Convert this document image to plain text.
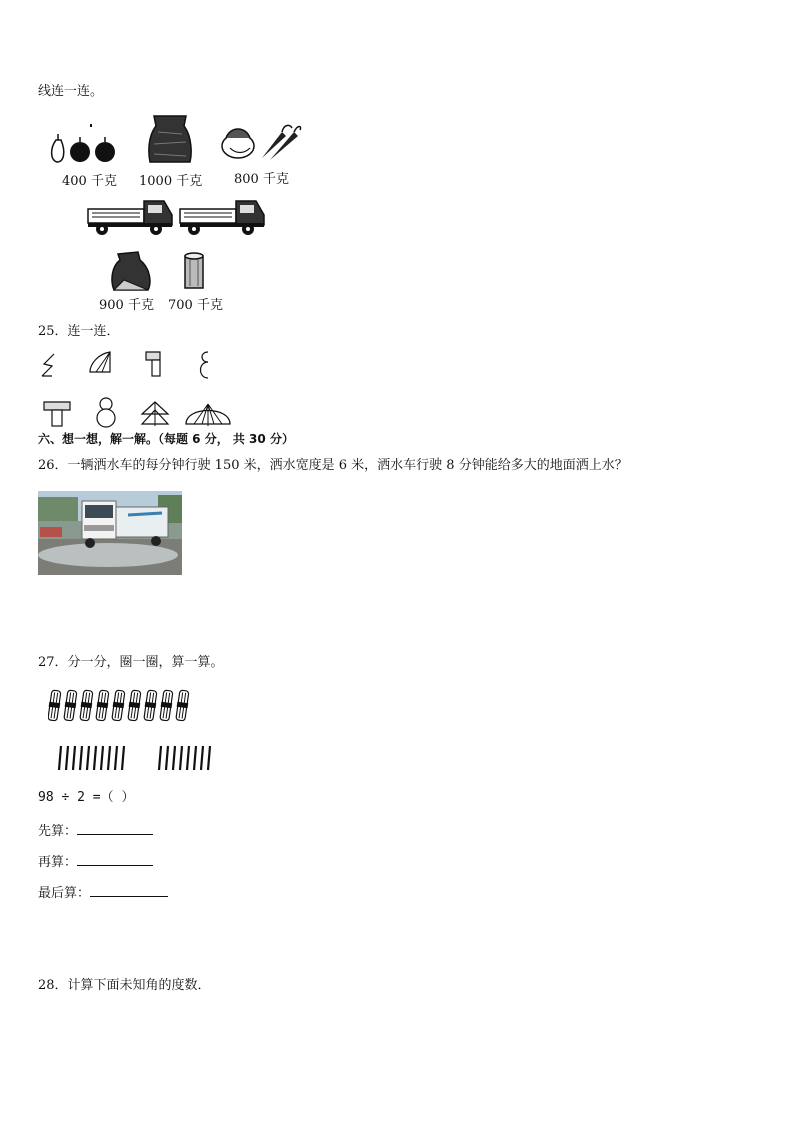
线连一连。
400 千克 1000 千克 800 千克
900 千克 700 千克
25．连一连．
六、想一想，解一解。（每题 6 分， 共 30 分）
26．一辆洒水车的每分钟行驶 150 米，洒水宽度是 6 米，洒水车行驶 8 分钟能给多大的地面洒上水？
27．分一分，圈一圈，算一算。
98 ÷ 2 =（ ）
先算：
再算：
最后算：
28．计算下面未知角的度数．
